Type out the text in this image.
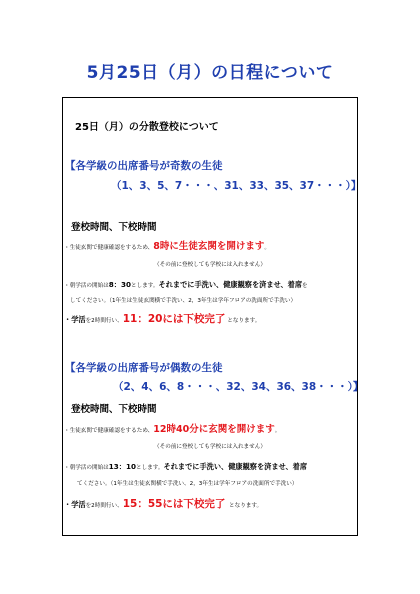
5月25日（月）の日程について
25日（月）の分散登校について
【各学級の出席番号が奇数の生徒
（1、3、5、7・・・、31、33、35、37・・・）】
登校時間、下校時間
・生徒玄関で健康確認をするため、8時に生徒玄関を開けます。
（その前に登校しても学校には入れません）
・朝学活の開始は8：30とします。それまでに手洗い、健康観察を済ませ、着席を
してください。（1年生は生徒玄関横で手洗い、2，3年生は学年フロアの洗面所で手洗い）
・学活を2時間行い、11：20には下校完了 となります。
【各学級の出席番号が偶数の生徒
（2、4、6、8・・・、32、34、36、38・・・）】
登校時間、下校時間
・生徒玄関で健康確認をするため、12時40分に玄関を開けます。
（その前に登校しても学校には入れません）
・朝学活の開始は13：10とします。それまでに手洗い、健康観察を済ませ、着席
てください。（1年生は生徒玄関横で手洗い、2，3年生は学年フロアの洗面所で手洗い）
・学活を2時間行い、15：55には下校完了 となります。
